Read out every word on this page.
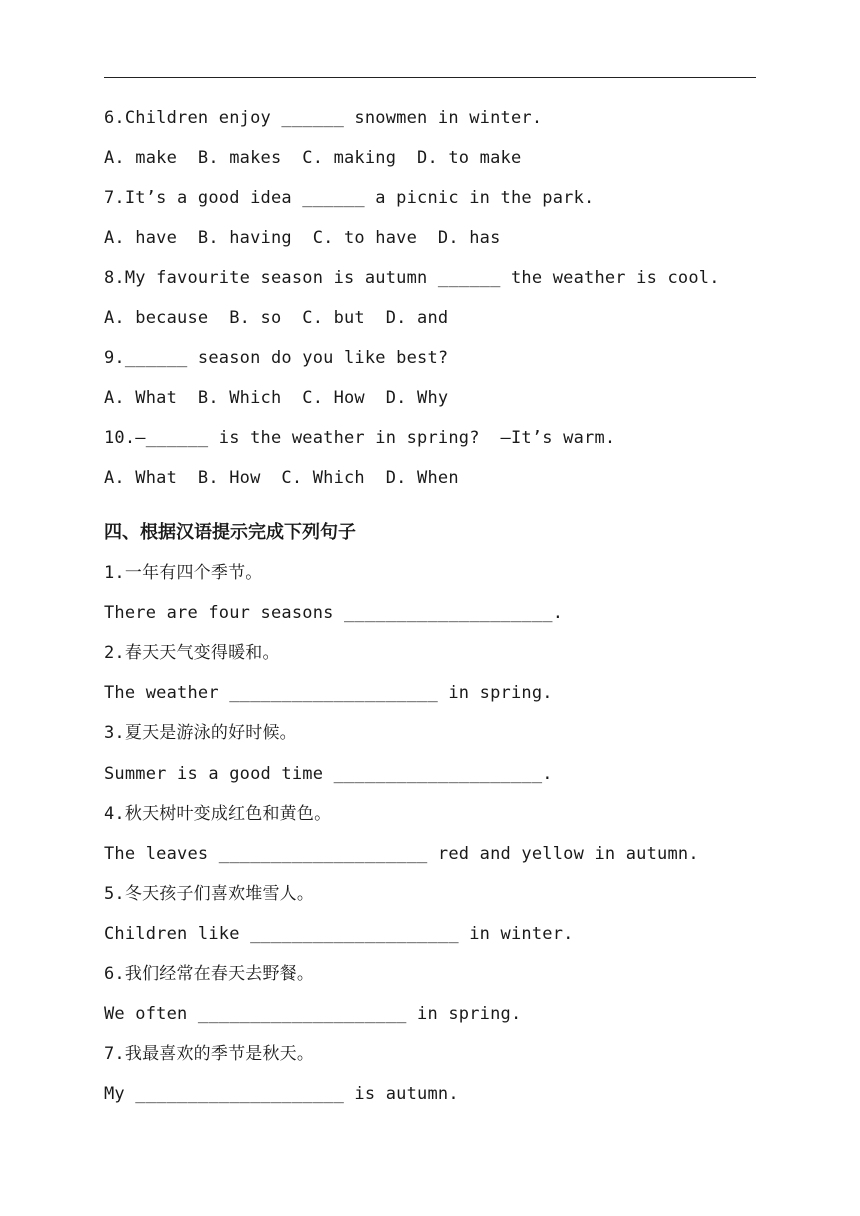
6.Children enjoy ______ snowmen in winter.
A. make  B. makes  C. making  D. to make
7.It’s a good idea ______ a picnic in the park.
A. have  B. having  C. to have  D. has
8.My favourite season is autumn ______ the weather is cool.
A. because  B. so  C. but  D. and
9.______ season do you like best?
A. What  B. Which  C. How  D. Why
10.—______ is the weather in spring?  —It’s warm.
A. What  B. How  C. Which  D. When
四、根据汉语提示完成下列句子
1.一年有四个季节。
There are four seasons ____________________.
2.春天天气变得暖和。
The weather ____________________ in spring.
3.夏天是游泳的好时候。
Summer is a good time ____________________.
4.秋天树叶变成红色和黄色。
The leaves ____________________ red and yellow in autumn.
5.冬天孩子们喜欢堆雪人。
Children like ____________________ in winter.
6.我们经常在春天去野餐。
We often ____________________ in spring.
7.我最喜欢的季节是秋天。
My ____________________ is autumn.
